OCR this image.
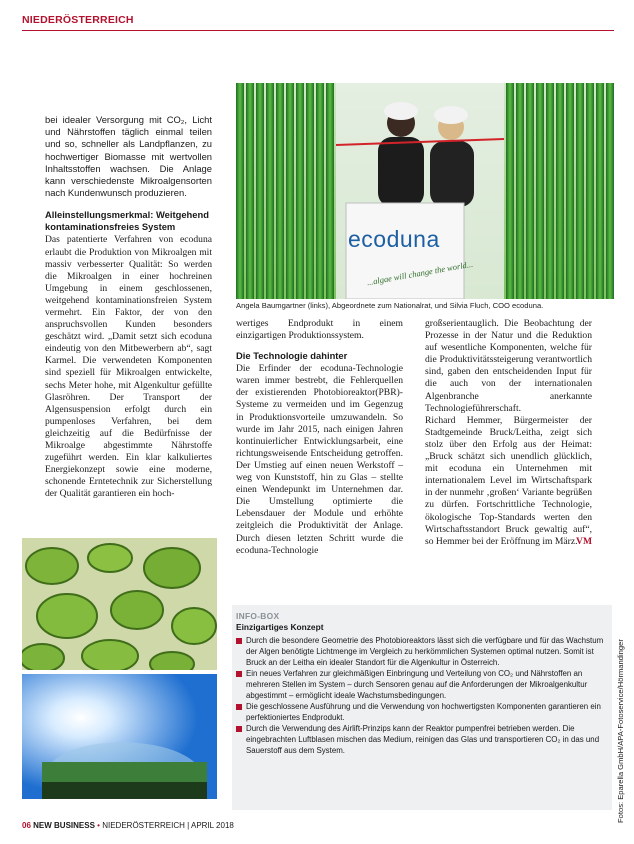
NIEDERÖSTERREICH

bei idealer Versorgung mit CO₂, Licht und Nährstoffen täglich einmal teilen und so, schneller als Landpflanzen, zu hochwertiger Biomasse mit wertvollen Inhaltsstoffen wachsen. Die Anlage kann verschiedenste Mikroalgensorten nach Kundenwunsch produzieren.

Alleinstellungsmerkmal: Weitgehend kontaminationsfreies System

Das patentierte Verfahren von ecoduna erlaubt die Produktion von Mikroalgen mit massiv verbesserter Qualität: So werden die Mikroalgen in einer hochreinen Umgebung in einem geschlossenen, weitgehend kontaminationsfreien System vermehrt. Ein Faktor, der von den anspruchsvollen Kunden besonders geschätzt wird. „Damit setzt sich ecoduna eindeutig von den Mitbewerbern ab“, sagt Karmel. Die verwendeten Komponenten sind speziell für Mikroalgen entwickelte, sechs Meter hohe, mit Algenkultur gefüllte Glasröhren. Der Transport der Algensuspension erfolgt durch ein pumpenloses Verfahren, bei dem gleichzeitig auf die Bedürfnisse der Mikroalge abgestimmte Nährstoffe zugeführt werden. Ein klar kalkuliertes Energiekonzept sowie eine moderne, schonende Erntetechnik zur Sicherstellung der Qualität garantieren ein hoch-

ecoduna
...algae will change the world...
Angela Baumgartner (links), Abgeordnete zum Nationalrat, und Silvia Fluch, COO ecoduna.

wertiges Endprodukt in einem einzigartigen Produktionssystem.

Die Technologie dahinter

Die Erfinder der ecoduna-Technologie waren immer bestrebt, die Fehlerquellen der existierenden Photobioreaktor(PBR)-Systeme zu vermeiden und im Gegenzug in Produktionsvorteile umzuwandeln. So wurde im Jahr 2015, nach einigen Jahren kontinuierlicher Entwicklungsarbeit, eine richtungsweisende Entscheidung getroffen. Der Umstieg auf einen neuen Werkstoff – weg von Kunststoff, hin zu Glas – stellte einen Wendepunkt im Unternehmen dar. Die Umstellung optimierte die Lebensdauer der Module und erhöhte zeitgleich die Produktivität der Anlage. Durch diesen letzten Schritt wurde die ecoduna-Technologie

großserientauglich. Die Beobachtung der Prozesse in der Natur und die Reduktion auf wesentliche Komponenten, welche für die Produktivitätssteigerung verantwortlich sind, gaben den entscheidenden Input für die auch von der internationalen Algenbranche anerkannte Technologieführerschaft.

Richard Hemmer, Bürgermeister der Stadtgemeinde Bruck/Leitha, zeigt sich stolz über den Erfolg aus der Heimat: „Bruck schätzt sich unendlich glücklich, mit ecoduna ein Unternehmen mit internationalem Level im Wirtschaftspark in der nunmehr ‚großen‘ Variante begrüßen zu dürfen. Fortschrittliche Technologie, ökologische Top-Standards werten den Wirtschaftsstandort Bruck gewaltig auf“, so Hemmer bei der Eröffnung im März.

VM
INFO-BOX
Einzigartiges Konzept
Durch die besondere Geometrie des Photobioreaktors lässt sich die verfügbare und für das Wachstum der Algen benötigte Lichtmenge im Vergleich zu herkömmlichen Systemen optimal nutzen. Somit ist Bruck an der Leitha ein idealer Standort für die Algenkultur in Österreich.
Ein neues Verfahren zur gleichmäßigen Einbringung und Verteilung von CO₂ und Nährstoffen an mehreren Stellen im System – durch Sensoren genau auf die Anforderungen der Mikroalgenkultur abgestimmt – ermöglicht ideale Wachstumsbedingungen.
Die geschlossene Ausführung und die Verwendung von hochwertigsten Komponenten garantieren ein perfektioniertes Endprodukt.
Durch die Verwendung des Airlift-Prinzips kann der Reaktor pumpenfrei betrieben werden. Die eingebrachten Luftblasen mischen das Medium, reinigen das Glas und transportieren CO₂ in das und Sauerstoff aus dem System.	Fotos: Eparella GmbH/APA-Fotoservice/Hörmandinger
06 NEW BUSINESS • NIEDERÖSTERREICH | APRIL 2018
